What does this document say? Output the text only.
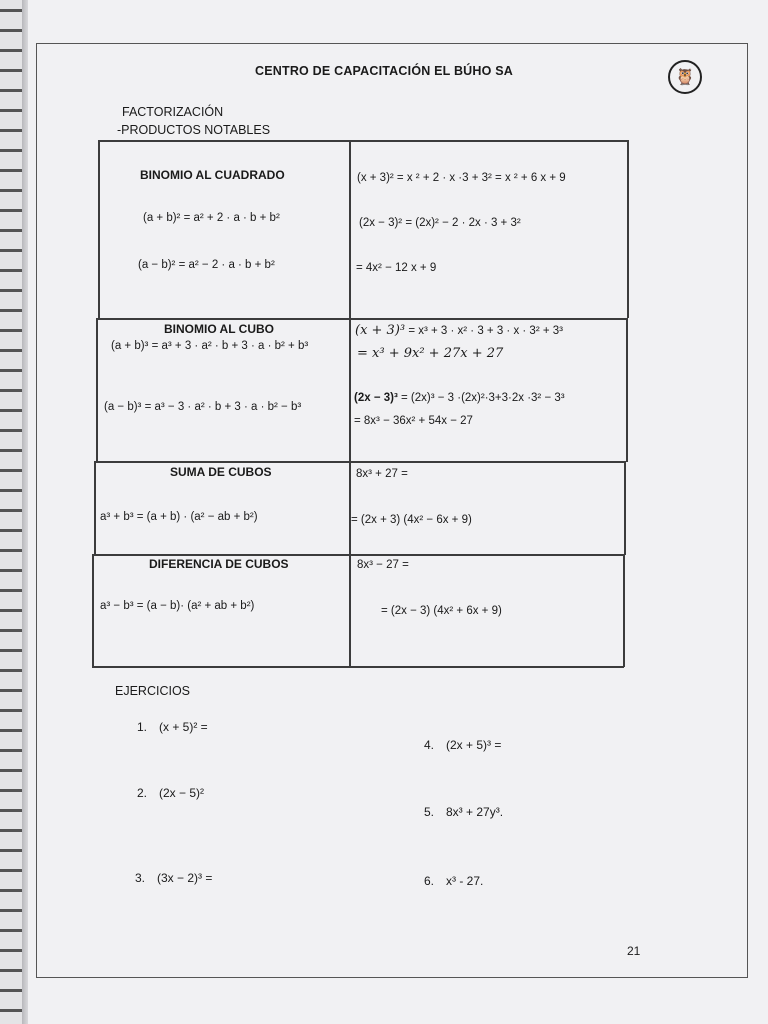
CENTRO DE CAPACITACIÓN EL BÚHO SA	🦉
FACTORIZACIÓN
-PRODUCTOS NOTABLES
BINOMIO AL CUADRADO
(a + b)² = a² + 2 · a · b + b²
(a − b)² = a² − 2 · a · b + b²
(x + 3)² = x ² + 2 · x ·3 + 3² = x ² + 6 x + 9
(2x − 3)² = (2x)² − 2 · 2x · 3 + 3²
= 4x² − 12 x + 9
BINOMIO AL CUBO
(a + b)³ = a³ + 3 · a² · b + 3 · a · b² + b³
(a − b)³ = a³ − 3 · a² · b + 3 · a · b² − b³
(x + 3)³ = x³ + 3 · x² · 3 + 3 · x · 3² + 3³
= x³ + 9x² + 27x + 27
(2x − 3)³ = (2x)³ − 3 ·(2x)²·3+3·2x ·3² − 3³
= 8x³ − 36x² + 54x − 27
SUMA DE CUBOS
a³ + b³ = (a + b) · (a² − ab + b²)
8x³ + 27 =
= (2x + 3) (4x² − 6x + 9)
DIFERENCIA DE CUBOS
a³ − b³ = (a − b)· (a² + ab + b²)
8x³ − 27 =
= (2x − 3) (4x² + 6x + 9)
EJERCICIOS
1. (x + 5)² =
2. (2x − 5)²
3. (3x − 2)³ =
4. (2x + 5)³ =
5. 8x³ + 27y³.
6. x³ - 27.
21
